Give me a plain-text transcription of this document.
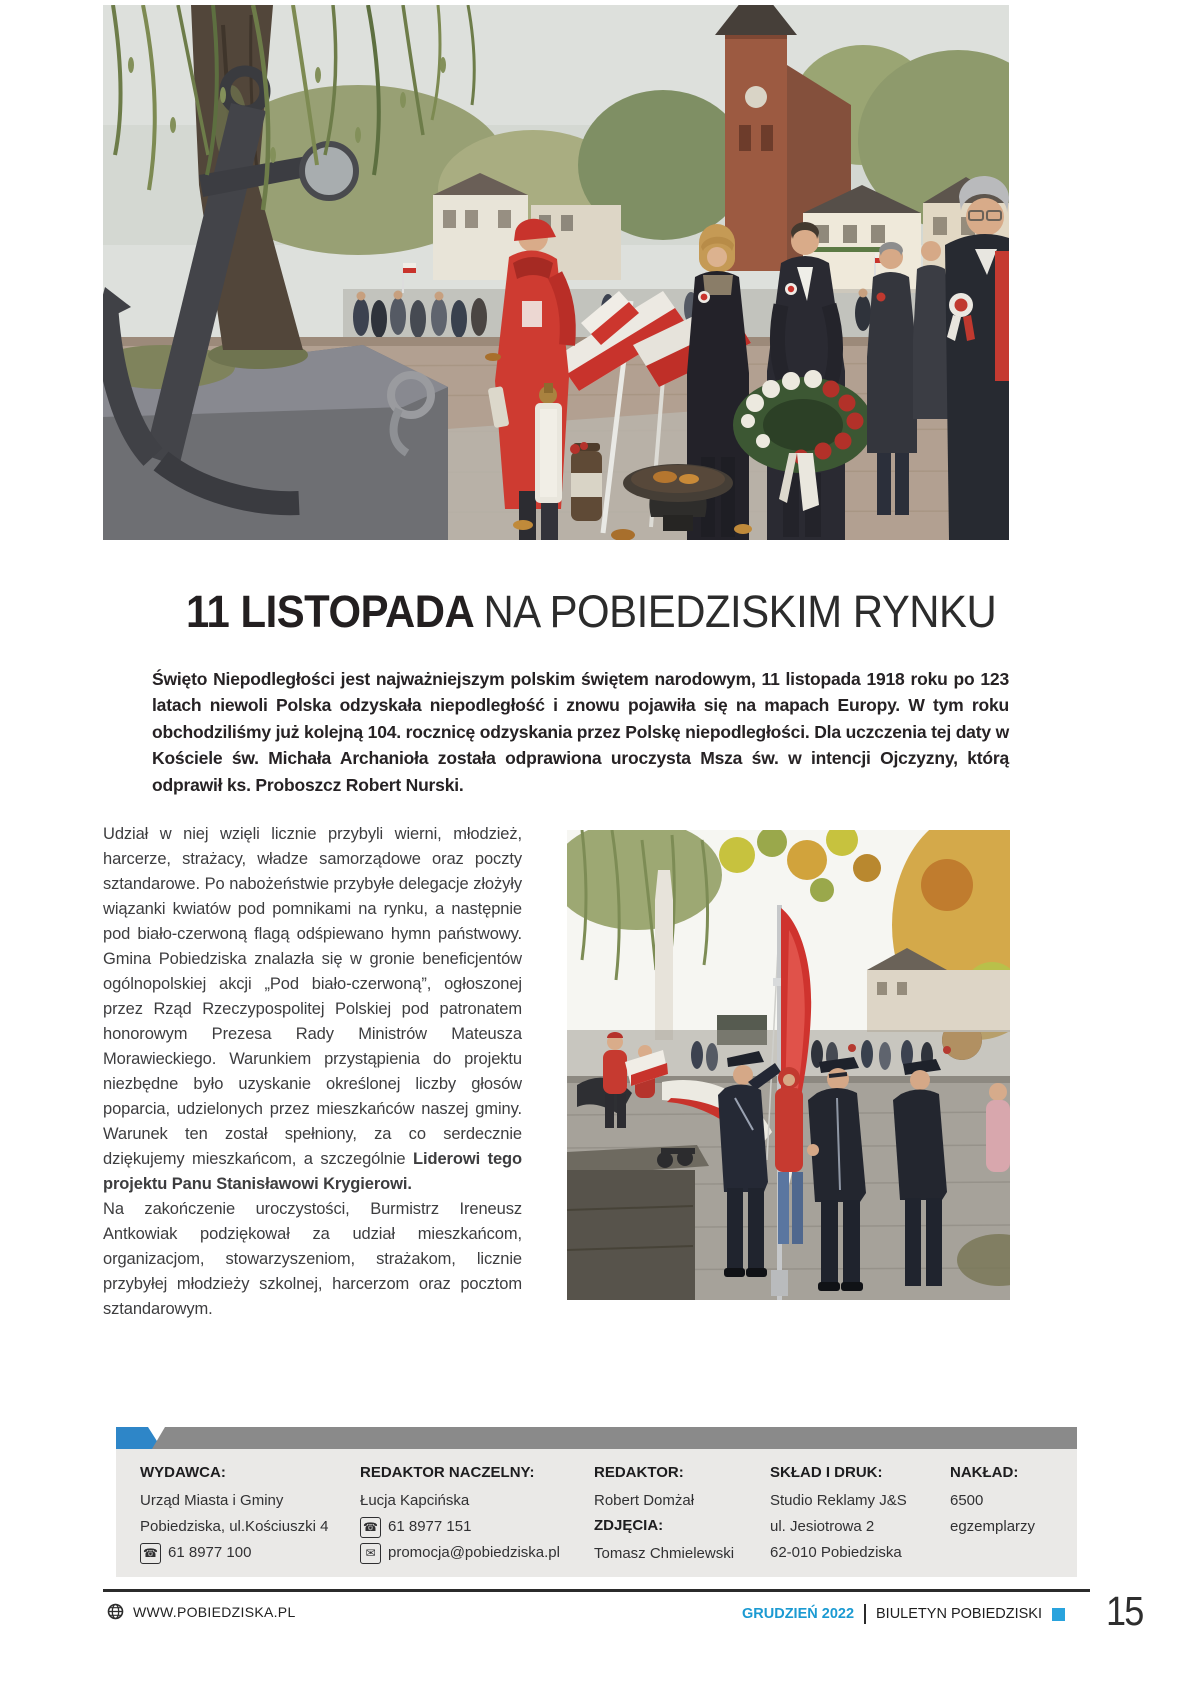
11 LISTOPADA NA POBIEDZISKIM RYNKU
Święto Niepodległości jest najważniejszym polskim świętem narodowym, 11 listopada 1918 roku po 123 latach niewoli Polska odzyskała niepodległość i znowu pojawiła się na mapach Europy. W tym roku obchodziliśmy już kolejną 104. rocznicę odzyskania przez Polskę niepodległości. Dla uczczenia tej daty w Kościele św. Michała Archanioła została odprawiona uroczysta Msza św. w intencji Ojczyzny, którą odprawił ks. Proboszcz Robert Nurski.

Udział w niej wzięli licznie przybyli wierni, młodzież, harcerze, strażacy, władze samorządowe oraz poczty sztandarowe. Po nabożeństwie przybyłe delegacje złożyły wiązanki kwiatów pod pomnikami na rynku, a następnie pod biało-czerwoną flagą odśpiewano hymn państwowy. Gmina Pobiedziska znalazła się w gronie beneficjentów ogólnopolskiej akcji „Pod biało-czerwoną”, ogłoszonej przez Rząd Rzeczypospolitej Polskiej pod patronatem honorowym Prezesa Rady Ministrów Mateusza Morawieckiego. Warunkiem przystąpienia do projektu niezbędne było uzyskanie określonej liczby głosów poparcia, udzielonych przez mieszkańców naszej gminy. Warunek ten został spełniony, za co serdecznie dziękujemy mieszkańcom, a szczególnie Liderowi tego projektu Panu Stanisławowi Krygierowi.

Na zakończenie uroczystości, Burmistrz Ireneusz Antkowiak podziękował za udział mieszkańcom, organizacjom, stowarzyszeniom, strażakom, licznie przybyłej młodzieży szkolnej, harcerzom oraz pocztom sztandarowym.

WYDAWCA:
Urząd Miasta i Gminy
Pobiedziska, ul.Kościuszki 4
☎ 61 8977 100
REDAKTOR NACZELNY:
Łucja Kapcińska
☎ 61 8977 151
✉ promocja@pobiedziska.pl
REDAKTOR:
Robert Domżał
ZDJĘCIA:
Tomasz Chmielewski
SKŁAD I DRUK:
Studio Reklamy J&S
ul. Jesiotrowa 2
62-010 Pobiedziska
NAKŁAD:
6500
egzemplarzy
WWW.POBIEDZISKA.PL	GRUDZIEŃ 2022 BIULETYN POBIEDZISKI 15
